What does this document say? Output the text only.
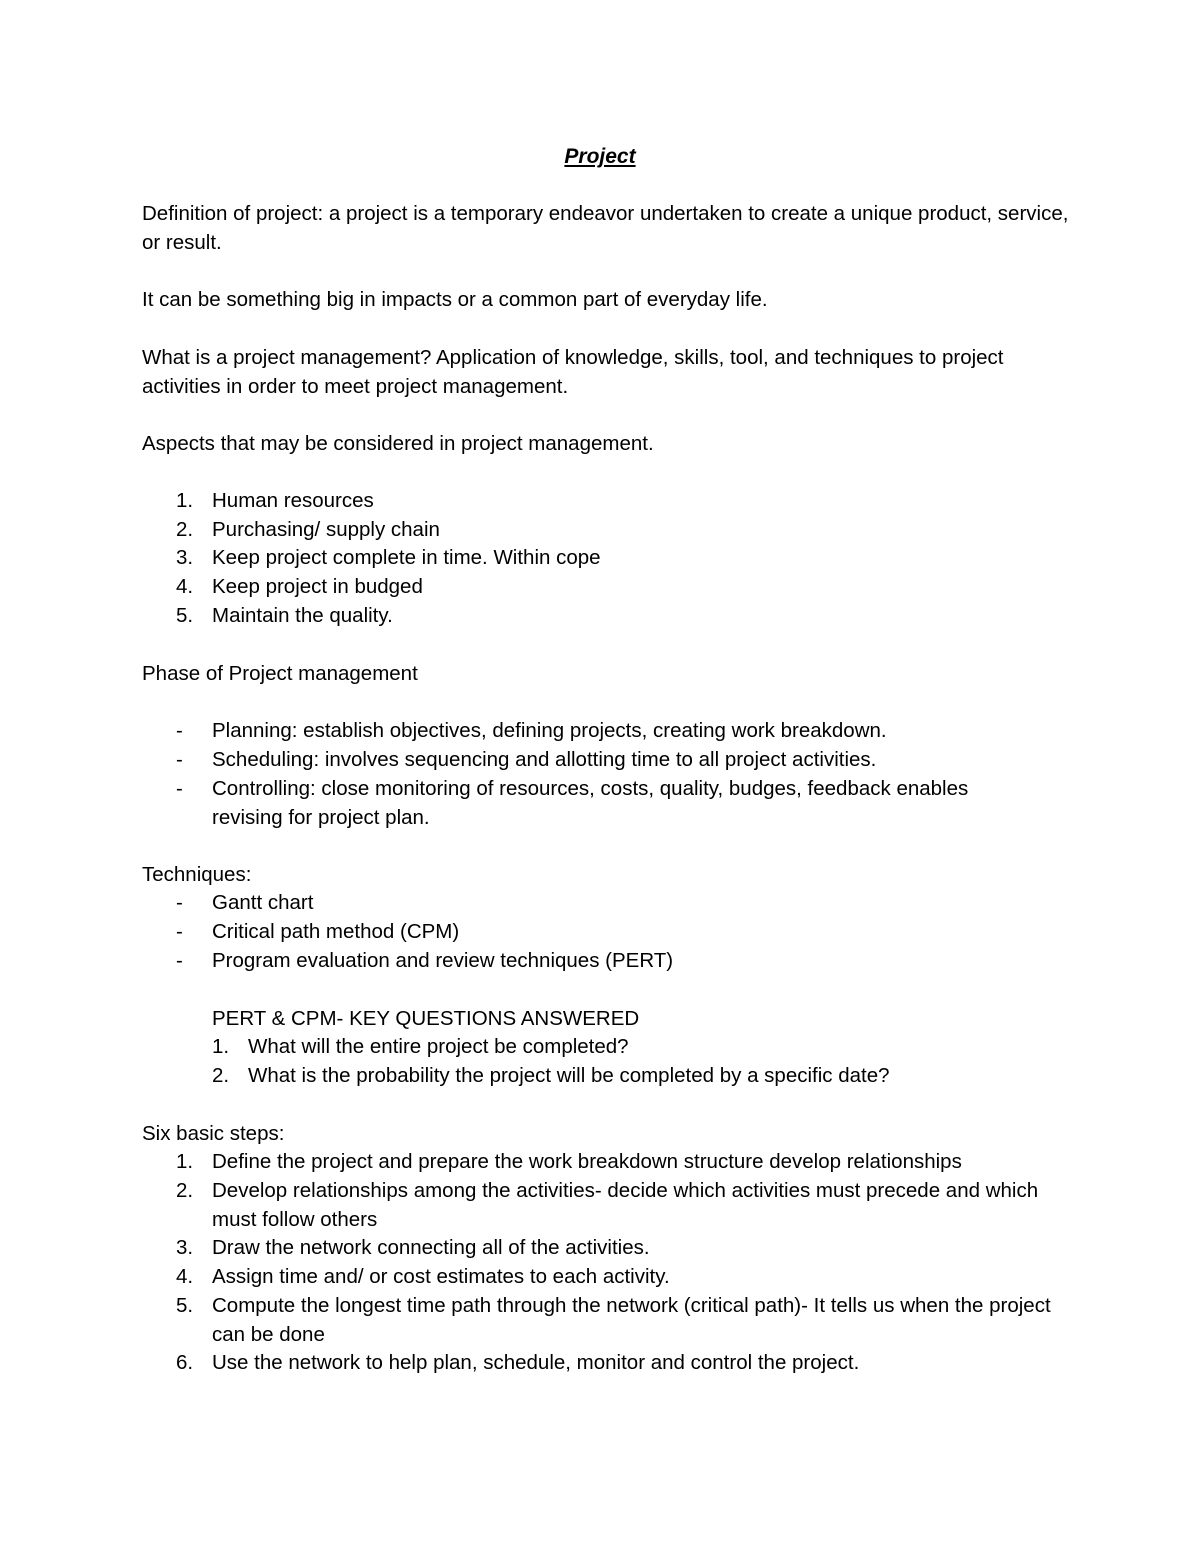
Project

Definition of project: a project is a temporary endeavor undertaken to create a unique product, service, or result.

It can be something big in impacts or a common part of everyday life.

What is a project management? Application of knowledge, skills, tool, and techniques to project activities in order to meet project management.

Aspects that may be considered in project management.

1. Human resources
2. Purchasing/ supply chain
3. Keep project complete in time. Within cope
4. Keep project in budged
5. Maintain the quality.

Phase of Project management

- Planning: establish objectives, defining projects, creating work breakdown.
- Scheduling: involves sequencing and allotting time to all project activities.
- Controlling: close monitoring of resources, costs, quality, budges, feedback enables revising for project plan.

Techniques:

- Gantt chart
- Critical path method (CPM)
- Program evaluation and review techniques (PERT)
PERT & CPM- KEY QUESTIONS ANSWERED
1. What will the entire project be completed?
2. What is the probability the project will be completed by a specific date?

Six basic steps:

1. Define the project and prepare the work breakdown structure develop relationships
2. Develop relationships among the activities- decide which activities must precede and which must follow others
3. Draw the network connecting all of the activities.
4. Assign time and/ or cost estimates to each activity.
5. Compute the longest time path through the network (critical path)- It tells us when the project can be done
6. Use the network to help plan, schedule, monitor and control the project.
